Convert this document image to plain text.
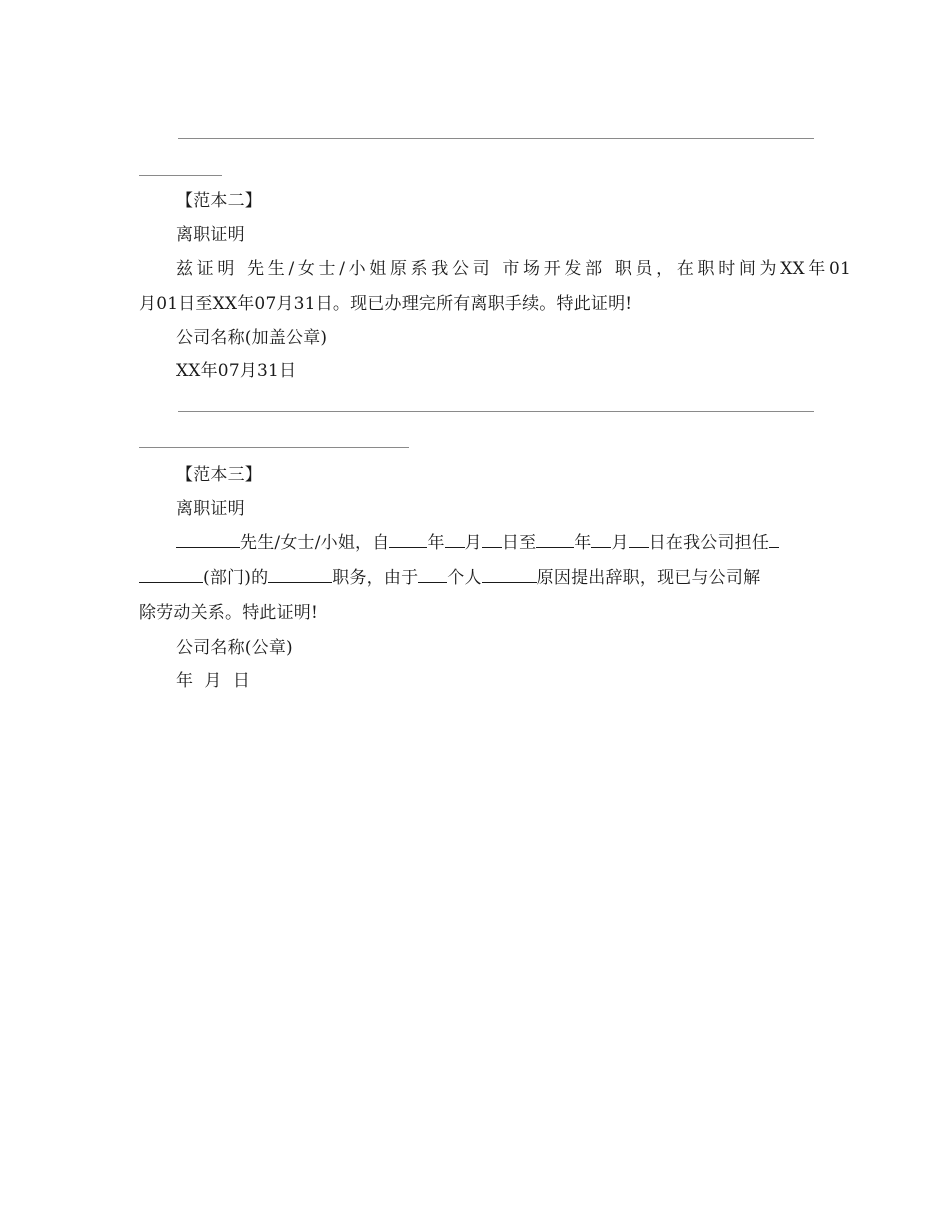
【范本二】
离职证明
兹证明 先生/女士/小姐原系我公司 市场开发部 职员，在职时间为XX年01
月01日至XX年07月31日。现已办理完所有离职手续。特此证明!
公司名称(加盖公章)
XX年07月31日
【范本三】
离职证明
先生/女士/小姐，自 年 月 日至 年 月 日在我公司担任
(部门)的	职务，由于 个人	原因提出辞职，现已与公司解
除劳动关系。特此证明!
公司名称(公章)
年  月  日
